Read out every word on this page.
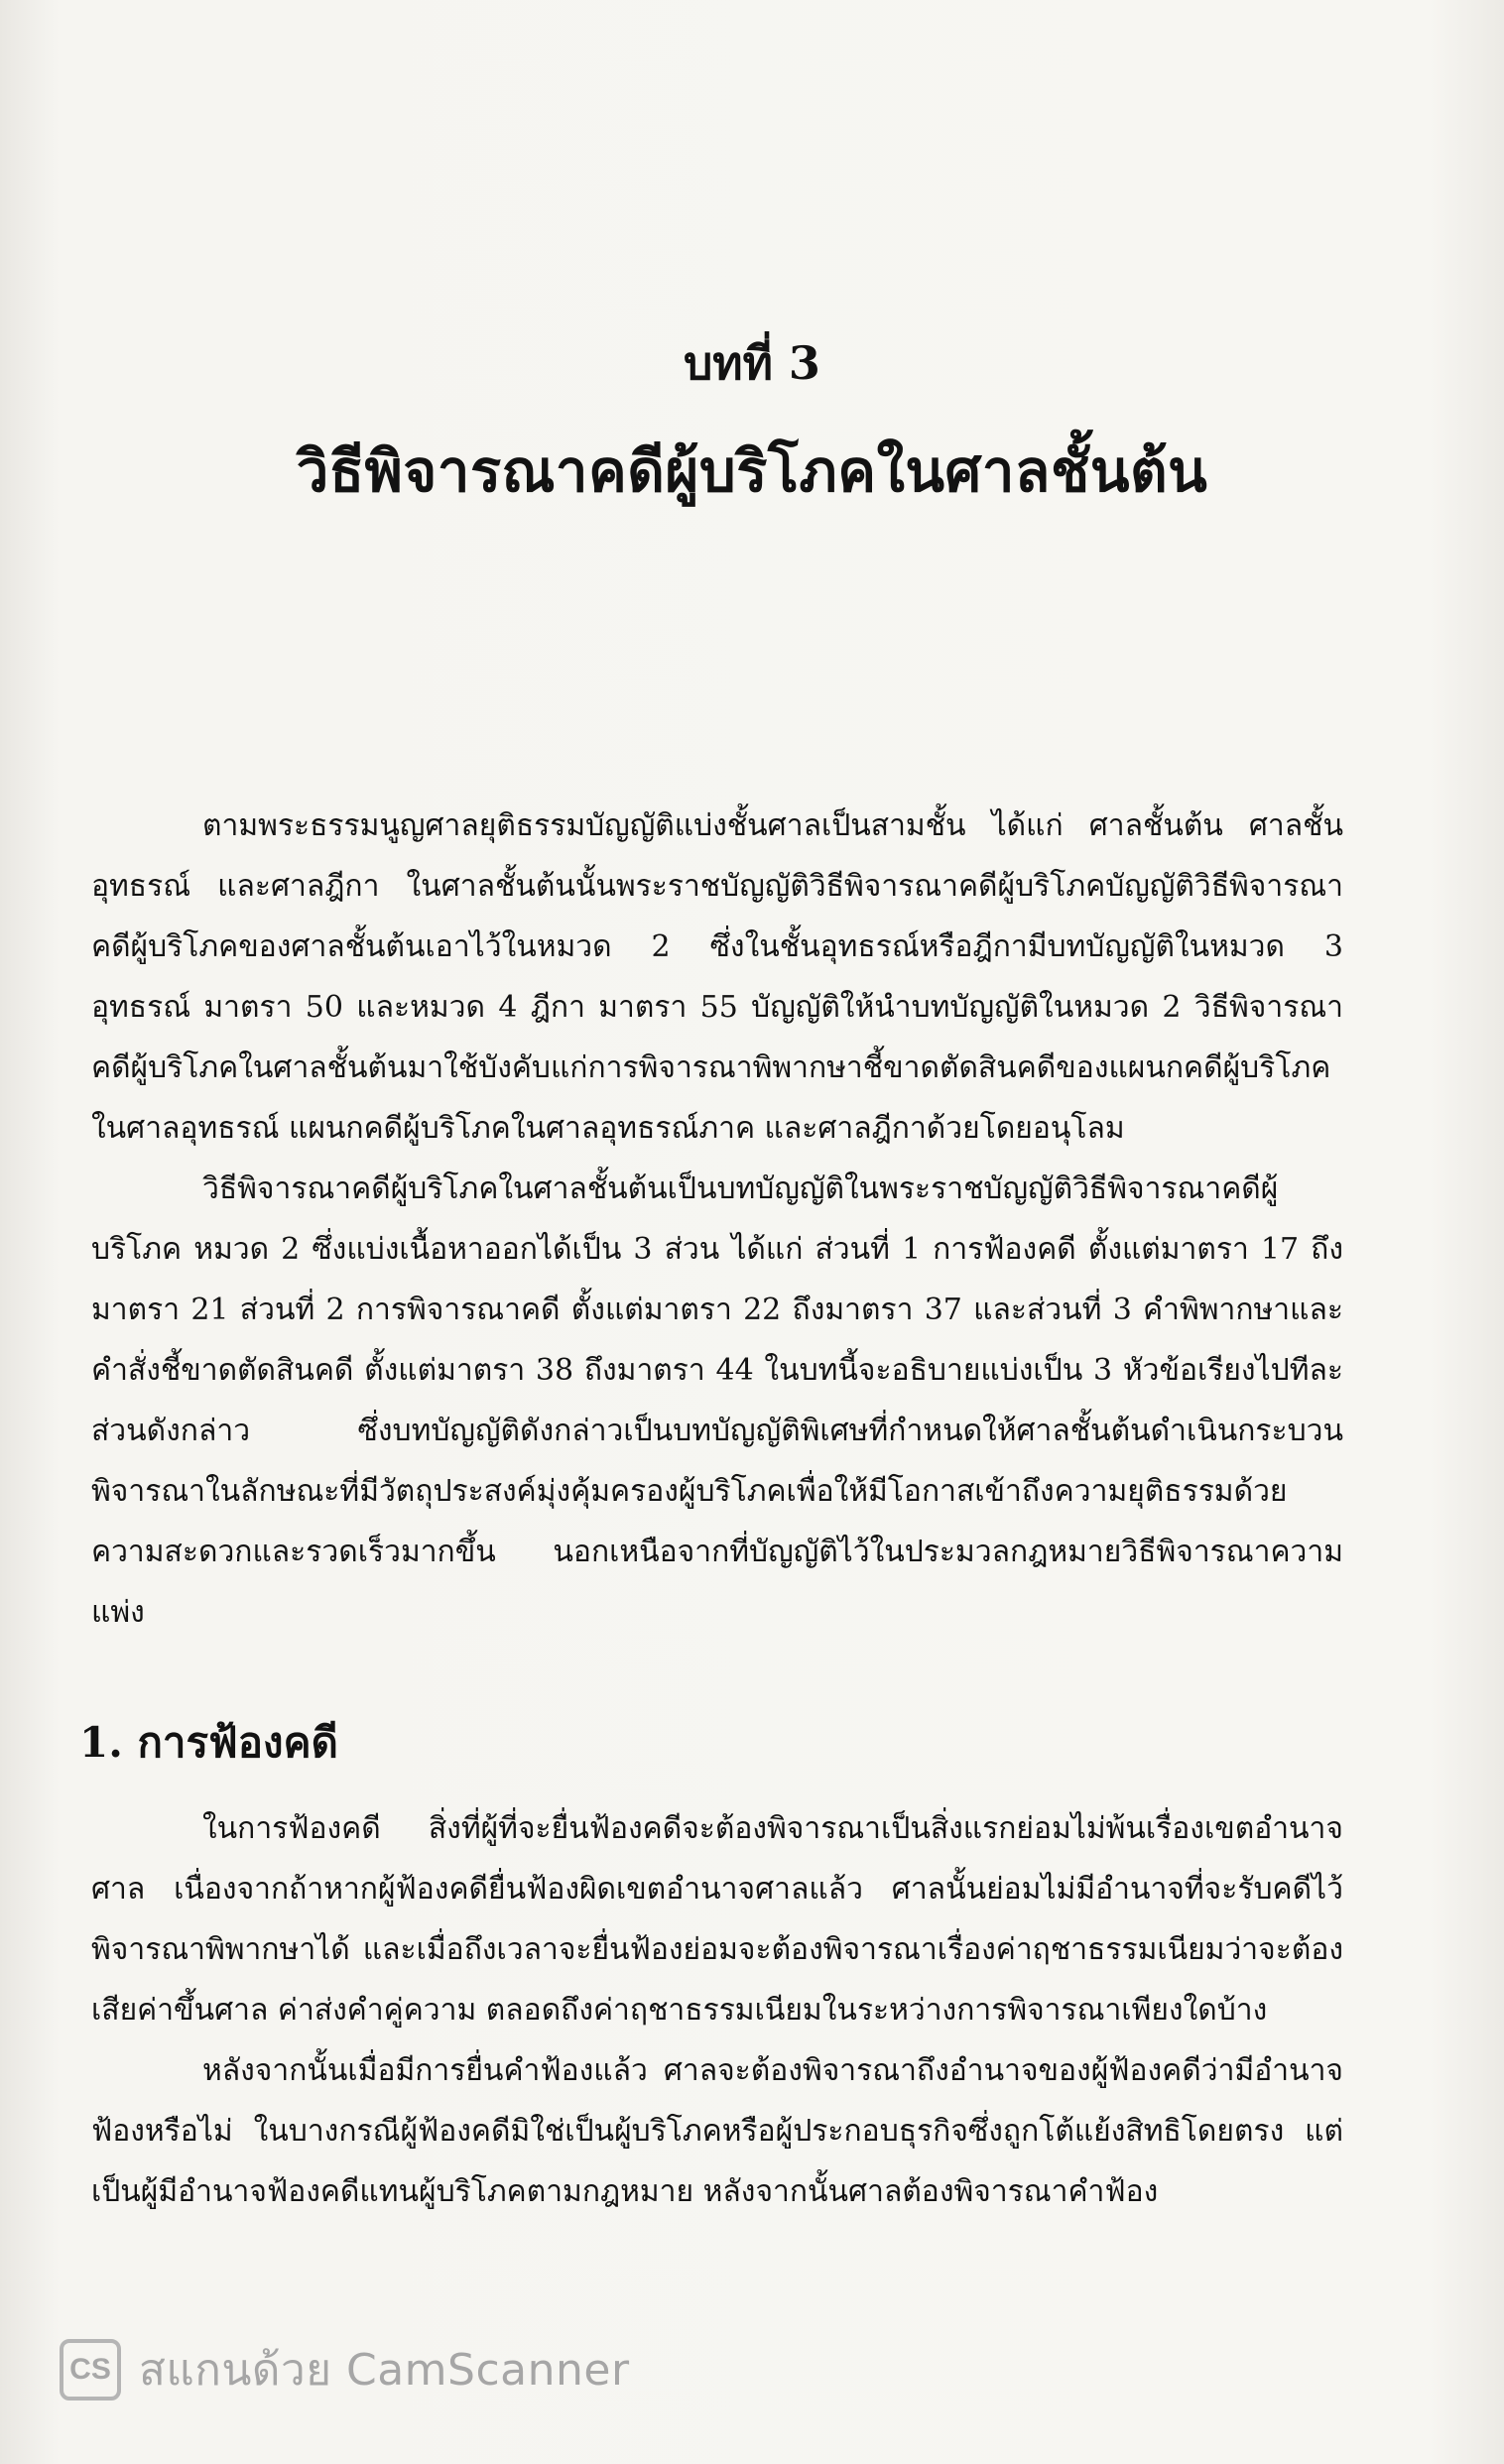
บทที่ 3
วิธีพิจารณาคดีผู้บริโภคในศาลชั้นต้น

ตามพระธรรมนูญศาลยุติธรรมบัญญัติแบ่งชั้นศาลเป็นสามชั้น ได้แก่ ศาลชั้นต้น ศาลชั้นอุทธรณ์ และศาลฎีกา ในศาลชั้นต้นนั้นพระราชบัญญัติวิธีพิจารณาคดีผู้บริโภคบัญญัติวิธีพิจารณาคดีผู้บริโภคของศาลชั้นต้นเอาไว้ในหมวด 2 ซึ่งในชั้นอุทธรณ์หรือฎีกามีบทบัญญัติในหมวด 3 อุทธรณ์ มาตรา 50 และหมวด 4 ฎีกา มาตรา 55 บัญญัติให้นำบทบัญญัติในหมวด 2 วิธีพิจารณาคดีผู้บริโภคในศาลชั้นต้นมาใช้บังคับแก่การพิจารณาพิพากษาชี้ขาดตัดสินคดีของแผนกคดีผู้บริโภคในศาลอุทธรณ์ แผนกคดีผู้บริโภคในศาลอุทธรณ์ภาค และศาลฎีกาด้วยโดยอนุโลม

วิธีพิจารณาคดีผู้บริโภคในศาลชั้นต้นเป็นบทบัญญัติในพระราชบัญญัติวิธีพิจารณาคดีผู้บริโภค หมวด 2 ซึ่งแบ่งเนื้อหาออกได้เป็น 3 ส่วน ได้แก่ ส่วนที่ 1 การฟ้องคดี ตั้งแต่มาตรา 17 ถึงมาตรา 21 ส่วนที่ 2 การพิจารณาคดี ตั้งแต่มาตรา 22 ถึงมาตรา 37 และส่วนที่ 3 คำพิพากษาและคำสั่งชี้ขาดตัดสินคดี ตั้งแต่มาตรา 38 ถึงมาตรา 44 ในบทนี้จะอธิบายแบ่งเป็น 3 หัวข้อเรียงไปทีละส่วนดังกล่าว ซึ่งบทบัญญัติดังกล่าวเป็นบทบัญญัติพิเศษที่กำหนดให้ศาลชั้นต้นดำเนินกระบวนพิจารณาในลักษณะที่มีวัตถุประสงค์มุ่งคุ้มครองผู้บริโภคเพื่อให้มีโอกาสเข้าถึงความยุติธรรมด้วยความสะดวกและรวดเร็วมากขึ้น นอกเหนือจากที่บัญญัติไว้ในประมวลกฎหมายวิธีพิจารณาความแพ่ง

1. การฟ้องคดี

ในการฟ้องคดี สิ่งที่ผู้ที่จะยื่นฟ้องคดีจะต้องพิจารณาเป็นสิ่งแรกย่อมไม่พ้นเรื่องเขตอำนาจศาล เนื่องจากถ้าหากผู้ฟ้องคดียื่นฟ้องผิดเขตอำนาจศาลแล้ว ศาลนั้นย่อมไม่มีอำนาจที่จะรับคดีไว้พิจารณาพิพากษาได้ และเมื่อถึงเวลาจะยื่นฟ้องย่อมจะต้องพิจารณาเรื่องค่าฤชาธรรมเนียมว่าจะต้องเสียค่าขึ้นศาล ค่าส่งคำคู่ความ ตลอดถึงค่าฤชาธรรมเนียมในระหว่างการพิจารณาเพียงใดบ้าง

หลังจากนั้นเมื่อมีการยื่นคำฟ้องแล้ว ศาลจะต้องพิจารณาถึงอำนาจของผู้ฟ้องคดีว่ามีอำนาจฟ้องหรือไม่ ในบางกรณีผู้ฟ้องคดีมิใช่เป็นผู้บริโภคหรือผู้ประกอบธุรกิจซึ่งถูกโต้แย้งสิทธิโดยตรง แต่เป็นผู้มีอำนาจฟ้องคดีแทนผู้บริโภคตามกฎหมาย หลังจากนั้นศาลต้องพิจารณาคำฟ้อง

CS สแกนด้วย CamScanner
